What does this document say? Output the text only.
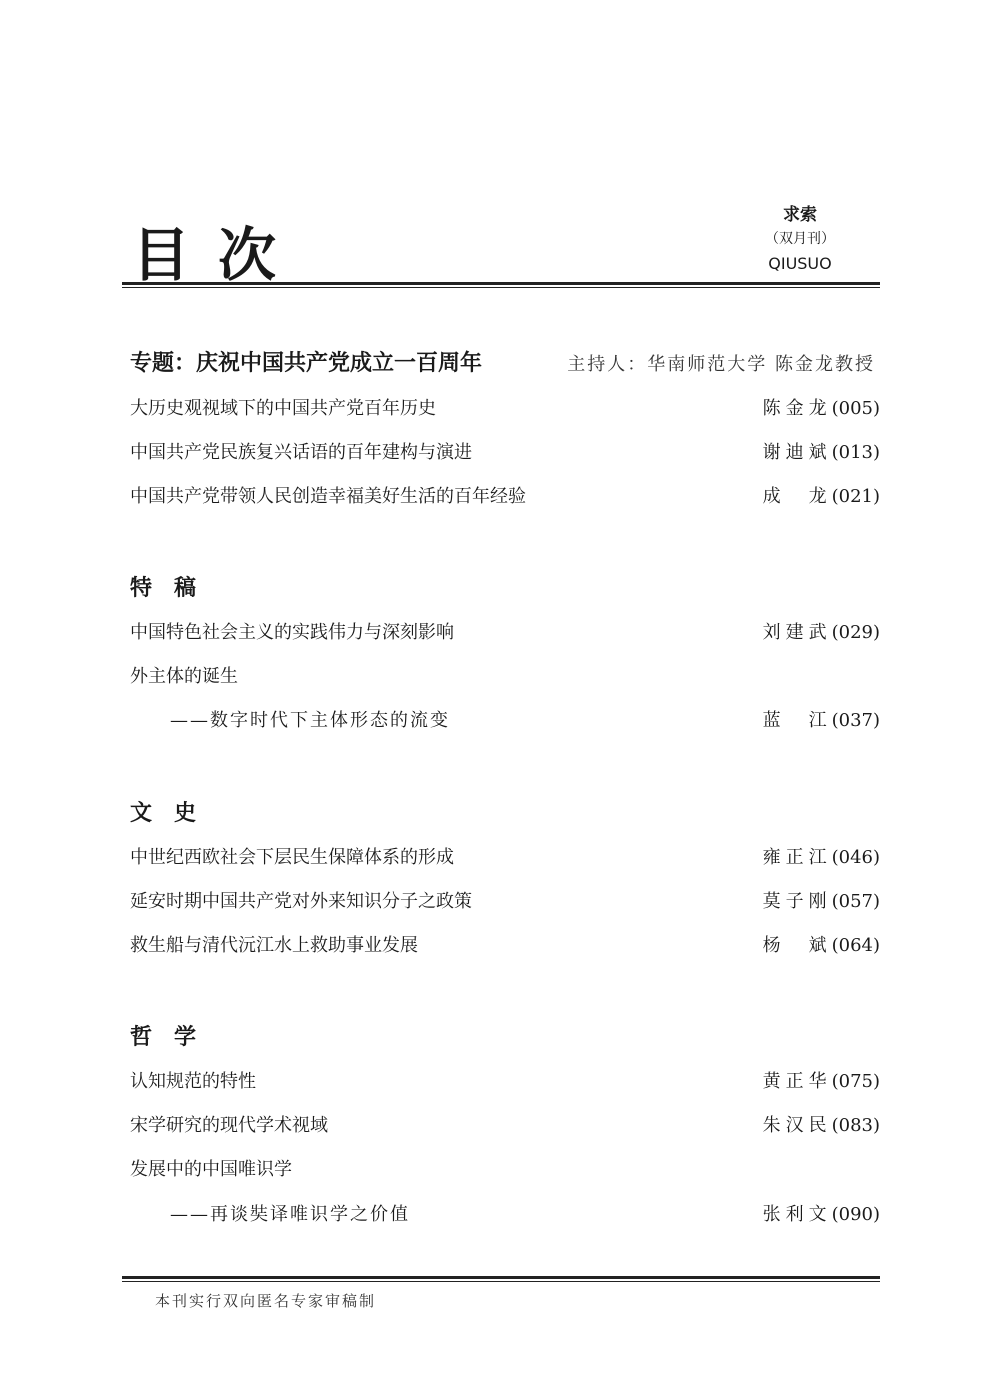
目 次
求索
（双月刊）
QIUSUO
专题：庆祝中国共产党成立一百周年	主持人：华南师范大学 陈金龙教授
大历史观视域下的中国共产党百年历史	陈金龙(005)
中国共产党民族复兴话语的百年建构与演进	谢迪斌(013)
中国共产党带领人民创造幸福美好生活的百年经验	成　龙(021)
特　稿
中国特色社会主义的实践伟力与深刻影响	刘建武(029)
外主体的诞生
——数字时代下主体形态的流变	蓝　江(037)
文　史
中世纪西欧社会下层民生保障体系的形成	雍正江(046)
延安时期中国共产党对外来知识分子之政策	莫子刚(057)
救生船与清代沅江水上救助事业发展	杨　斌(064)
哲　学
认知规范的特性	黄正华(075)
宋学研究的现代学术视域	朱汉民(083)
发展中的中国唯识学
——再谈奘译唯识学之价值	张利文(090)
本刊实行双向匿名专家审稿制
